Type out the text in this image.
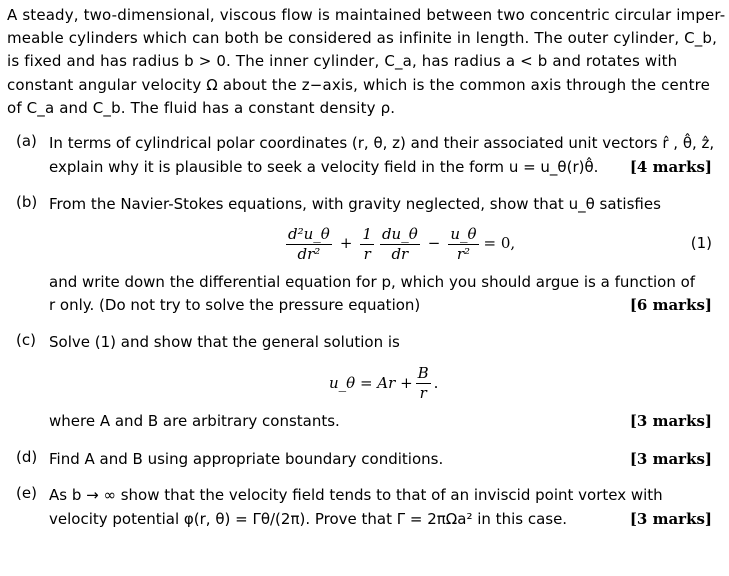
A steady, two-dimensional, viscous flow is maintained between two concentric circular imper-
meable cylinders which can both be considered as infinite in length. The outer cylinder, C_b,
is fixed and has radius b > 0. The inner cylinder, C_a, has radius a < b and rotates with
constant angular velocity Ω about the z−axis, which is the common axis through the centre
of C_a and C_b. The fluid has a constant density ρ.
(a) In terms of cylindrical polar coordinates (r, θ, z) and their associated unit vectors r̂ , θ̂, ẑ,
explain why it is plausible to seek a velocity field in the form u = u_θ(r)θ̂. [4 marks]
(b) From the Navier-Stokes equations, with gravity neglected, show that u_θ satisfies
$\frac{\text{d²u\_θ}}{\text{dr²}} + \frac{1}{r} \frac{du\_\theta}{dr} - \frac{u\_\theta}{\text{r²}} = 0$,	(1)
and write down the differential equation for p, which you should argue is a function of
r only. (Do not try to solve the pressure equation)	[6 marks]
(c) Solve (1) and show that the general solution is
u_θ = $Ar + \frac{B}{r}$ .
where A and B are arbitrary constants.	[3 marks]
(d) Find A and B using appropriate boundary conditions.	[3 marks]
(e) As b → ∞ show that the velocity field tends to that of an inviscid point vortex with
velocity potential φ(r, θ) = Γθ/(2π). Prove that Γ = 2πΩa² in this case.	[3 marks]
